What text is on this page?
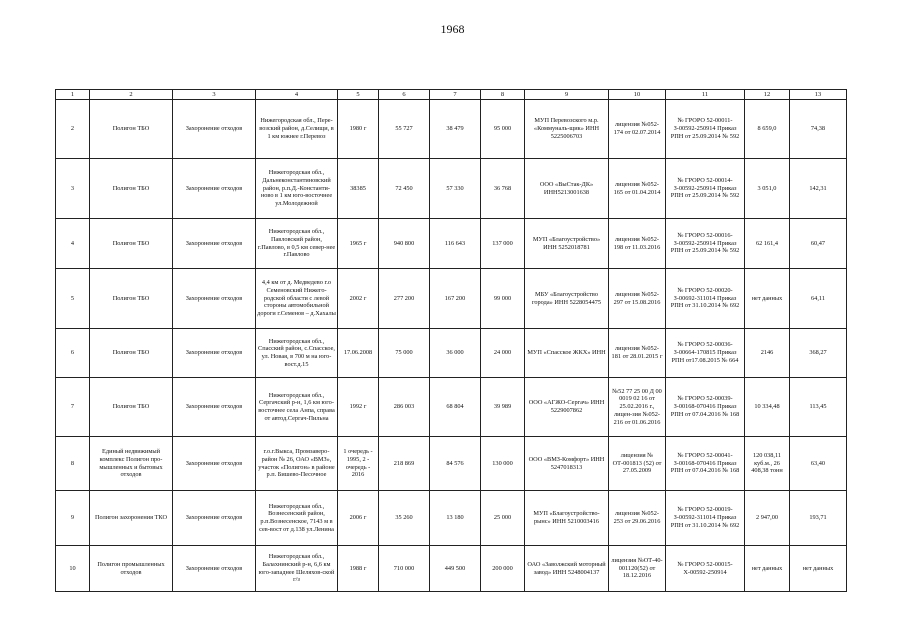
1968
1	2	3	4	5	6	7	8	9	10	11	12	13
2	Полигон ТБО	Захоронение отходов	Нижегородская обл., Пере-возский район, д.Селищи, в 1 км южнее г.Перевоз	1980 г	55 727	38 479	95 000	МУП Перевозского м.р. «Коммуналь-щик» ИНН 5225006703	лицензия №052- 174 от 02.07.2014	№ ГРОРО 52-00011-З-00592-250914 Приказ РПН от 25.09.2014 № 592	8 659,0	74,38
3	Полигон ТБО	Захоронение отходов	Нижегородская обл., Дальнеконстантиновский район, р.п.Д.-Константи-ново в 1 км юго-восточнее ул.Молодежной	38385	72 450	57 330	36 768	ООО «ВыСтак-ДК» ИНН5213001638	лицензия №052- 165 от 01.04.2014	№ ГРОРО 52-00014-З-00592-250914 Приказ РПН от 25.09.2014 № 592	3 051,0	142,31
4	Полигон ТБО	Захоронение отходов	Нижегородская обл., Павловский район, г.Павлово, в 0,5 км север-нее г.Павлово	1965 г	940 800	116 643	137 000	МУП «Благоустройство» ИНН 5252018781	лицензия №052- 198 от 11.03.2016	№ ГРОРО 52-00016-З-00592-250914 Приказ РПН от 25.09.2014 № 592	62 161,4	60,47
5	Полигон ТБО	Захоронение отходов	4,4 км от д. Медведево г.о Семеновский Нижего-родской области с левой стороны автомобильной дороги г.Семенов – д.Хахалы	2002 г	277 200	167 200	99 000	МБУ «Благоустройство города» ИНН 5228054475	лицензия №052- 297 от 15.08.2016	№ ГРОРО 52-00020-З-00692-311014 Приказ РПН от 31.10.2014 № 692	нет данных	64,11
6	Полигон ТБО	Захоронение отходов	Нижегородская обл., Спасский район, с.Спасское, ул. Новая, в 700 м на юго-вост.д.15	17.06.2008	75 000	36 000	24 000	МУП «Спасское ЖКХ» ИНН	лицензия №052- 181 от 28.01.2015 г	№ ГРОРО 52-00036-З-00664-170815 Приказ РПН от17.08.2015 № 664	2146	368,27
7	Полигон ТБО	Захоронение отходов	Нижегородская обл., Сергачский р-н, 1,6 км юго-восточнее села Анпа, справа от автод.Сергач-Пильна	1992 г	286 003	68 804	39 989	ООО «АГЖО-Сергач» ИНН 5229007862	№52 77 25 00 Д 00 0019 02 16 от 25.02.2016 г., лицен-зия №052- 216 от 01.06.2016	№ ГРОРО 52-00039-З-00168-070416 Приказ РПН от 07.04.2016 № 168	10 334,48	113,45
8	Единый недвижимый комплекс Полигон про-мышленных и бытовых отходов	Захоронение отходов	г.о.г.Выкса, Промзаверо-район № 26, ОАО «ВМЗ», участок «Полигон» в районе р.п. Бишево-Песочное	1 очередь - 1995, 2 - очередь - 2016	218 869	84 576	130 000	ООО «ВМЗ-Комфорт» ИНН 5247018313	лицензия № ОТ-001813 (52) от 27.05.2009	№ ГРОРО 52-00041-З-00168-070416 Приказ РПН от 07.04.2016 № 168	120 038,11 куб.м., 26 408,38 тонн	63,40
9	Полигон захоронения ТКО	Захоронение отходов	Нижегородская обл., Вознесенский район, р.п.Вознесенское, 7143 м в сев-вост от д.138 ул.Ленина	2006 г	35 260	13 180	25 000	МУП «Благоустройство-рынс» ИНН 5210003416	лицензия №052- 253 от 29.06.2016	№ ГРОРО 52-00019-З-00592-311014 Приказ РПН от 31.10.2014 № 692	2 947,00	193,71
10	Полигон промышленных отходов	Захоронение отходов	Нижегородская обл., Балахнинский р-н, 6,6 км юго-западнее Шеляхов-ской г/з	1988 г	710 000	449 500	200 000	ОАО «Заволжский моторный завод» ИНН 5248004137	лицензия №ОТ-40-001120(52) от 18.12.2016	№ ГРОРО 52-00015-Х-00592-250914	нет данных	нет данных
